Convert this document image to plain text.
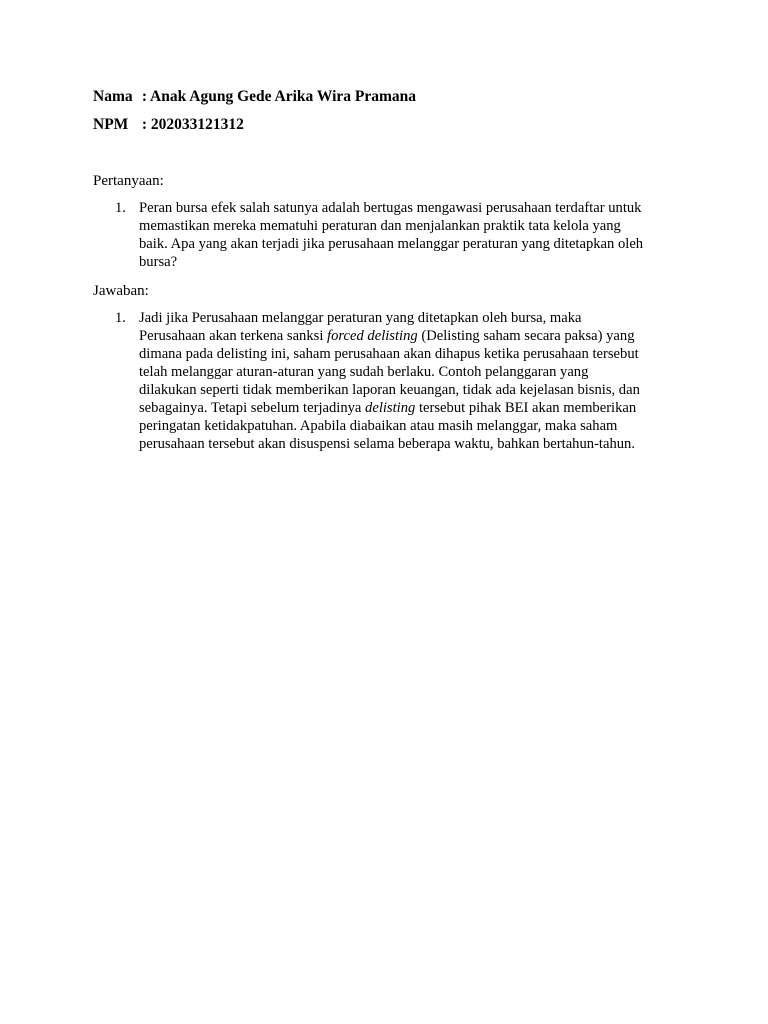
Nama : Anak Agung Gede Arika Wira Pramana
NPM : 202033121312
Pertanyaan:
1. Peran bursa efek salah satunya adalah bertugas mengawasi perusahaan terdaftar untuk
memastikan mereka mematuhi peraturan dan menjalankan praktik tata kelola yang
baik. Apa yang akan terjadi jika perusahaan melanggar peraturan yang ditetapkan oleh
bursa?
Jawaban:
1. Jadi jika Perusahaan melanggar peraturan yang ditetapkan oleh bursa, maka
Perusahaan akan terkena sanksi forced delisting (Delisting saham secara paksa) yang
dimana pada delisting ini, saham perusahaan akan dihapus ketika perusahaan tersebut
telah melanggar aturan-aturan yang sudah berlaku. Contoh pelanggaran yang
dilakukan seperti tidak memberikan laporan keuangan, tidak ada kejelasan bisnis, dan
sebagainya. Tetapi sebelum terjadinya delisting tersebut pihak BEI akan memberikan
peringatan ketidakpatuhan. Apabila diabaikan atau masih melanggar, maka saham
perusahaan tersebut akan disuspensi selama beberapa waktu, bahkan bertahun-tahun.
